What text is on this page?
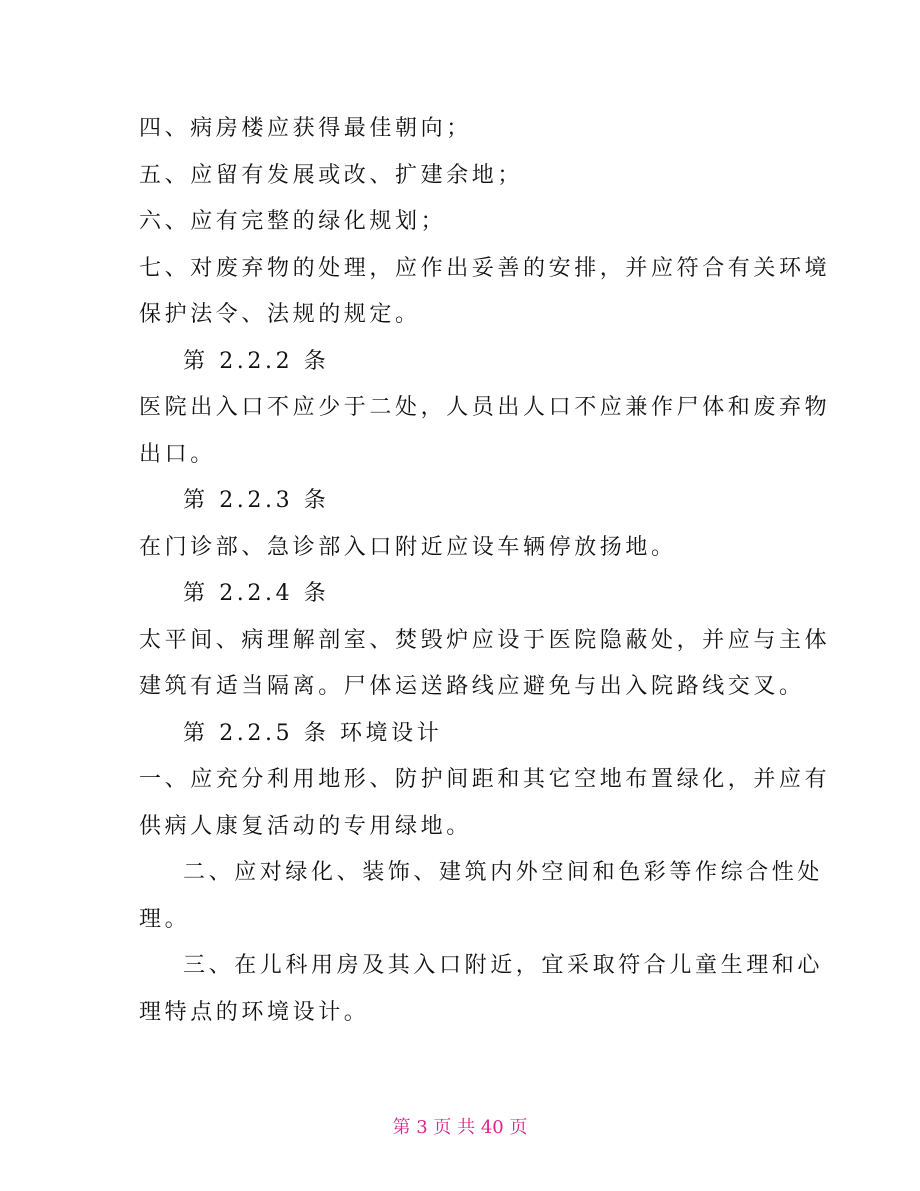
四、病房楼应获得最佳朝向；
五、应留有发展或改、扩建余地；
六、应有完整的绿化规划；
七、对废弃物的处理，应作出妥善的安排，并应符合有关环境
保护法令、法规的规定。
第 2.2.2 条
医院出入口不应少于二处，人员出人口不应兼作尸体和废弃物
出口。
第 2.2.3 条
在门诊部、急诊部入口附近应设车辆停放扬地。
第 2.2.4 条
太平间、病理解剖室、焚毁炉应设于医院隐蔽处，并应与主体
建筑有适当隔离。尸体运送路线应避免与出入院路线交叉。
第 2.2.5 条 环境设计
一、应充分利用地形、防护间距和其它空地布置绿化，并应有
供病人康复活动的专用绿地。
二、应对绿化、装饰、建筑内外空间和色彩等作综合性处
理。
三、在儿科用房及其入口附近，宜采取符合儿童生理和心
理特点的环境设计。
第 3 页 共 40 页
